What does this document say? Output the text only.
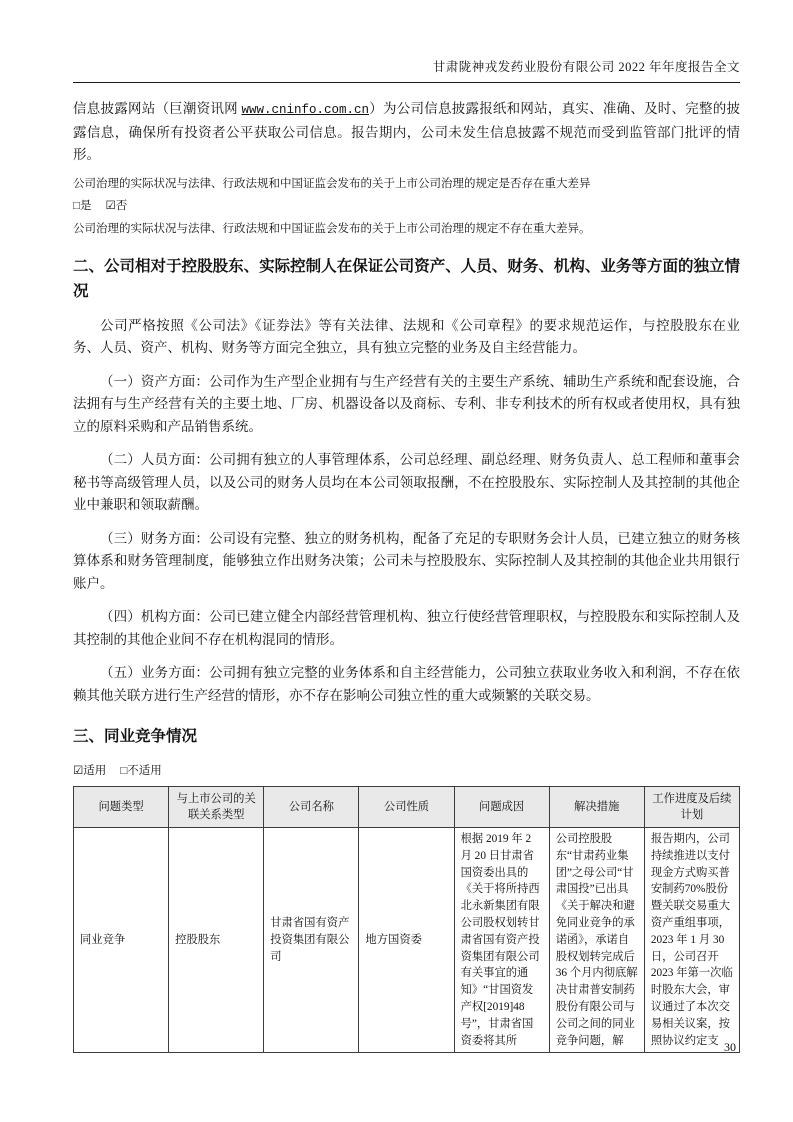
甘肃陇神戎发药业股份有限公司 2022 年年度报告全文

信息披露网站（巨潮资讯网 www.cninfo.com.cn）为公司信息披露报纸和网站，真实、准确、及时、完整的披露信息，确保所有投资者公平获取公司信息。报告期内，公司未发生信息披露不规范而受到监管部门批评的情形。

公司治理的实际状况与法律、行政法规和中国证监会发布的关于上市公司治理的规定是否存在重大差异
□是 ☑否
公司治理的实际状况与法律、行政法规和中国证监会发布的关于上市公司治理的规定不存在重大差异。
二、公司相对于控股股东、实际控制人在保证公司资产、人员、财务、机构、业务等方面的独立情况

公司严格按照《公司法》《证券法》等有关法律、法规和《公司章程》的要求规范运作，与控股股东在业务、人员、资产、机构、财务等方面完全独立，具有独立完整的业务及自主经营能力。

（一）资产方面：公司作为生产型企业拥有与生产经营有关的主要生产系统、辅助生产系统和配套设施，合法拥有与生产经营有关的主要土地、厂房、机器设备以及商标、专利、非专利技术的所有权或者使用权，具有独立的原料采购和产品销售系统。

（二）人员方面：公司拥有独立的人事管理体系，公司总经理、副总经理、财务负责人、总工程师和董事会秘书等高级管理人员，以及公司的财务人员均在本公司领取报酬，不在控股股东、实际控制人及其控制的其他企业中兼职和领取薪酬。

（三）财务方面：公司设有完整、独立的财务机构，配备了充足的专职财务会计人员，已建立独立的财务核算体系和财务管理制度，能够独立作出财务决策；公司未与控股股东、实际控制人及其控制的其他企业共用银行账户。

（四）机构方面：公司已建立健全内部经营管理机构、独立行使经营管理职权，与控股股东和实际控制人及其控制的其他企业间不存在机构混同的情形。

（五）业务方面：公司拥有独立完整的业务体系和自主经营能力，公司独立获取业务收入和利润，不存在依赖其他关联方进行生产经营的情形，亦不存在影响公司独立性的重大或频繁的关联交易。

三、同业竞争情况
☑适用 □不适用
问题类型	与上市公司的关联关系类型	公司名称	公司性质	问题成因	解决措施	工作进度及后续计划
同业竞争	控股股东	甘肃省国有资产投资集团有限公司	地方国资委	根据 2019 年 2 月 20 日甘肃省国资委出具的《关于将所持西北永新集团有限公司股权划转甘肃省国有资产投资集团有限公司有关事宜的通知》“甘国资发产权[2019]48 号”，甘肃省国资委将其所	公司控股股东“甘肃药业集团”之母公司“甘肃国投”已出具《关于解决和避免同业竞争的承诺函》，承诺自股权划转完成后 36 个月内彻底解决甘肃普安制药股份有限公司与公司之间的同业竞争问题，解	报告期内，公司持续推进以支付现金方式购买普安制药70%股份暨关联交易重大资产重组事项，2023 年 1 月 30 日，公司召开 2023 年第一次临时股东大会，审议通过了本次交易相关议案，按照协议约定支 30
